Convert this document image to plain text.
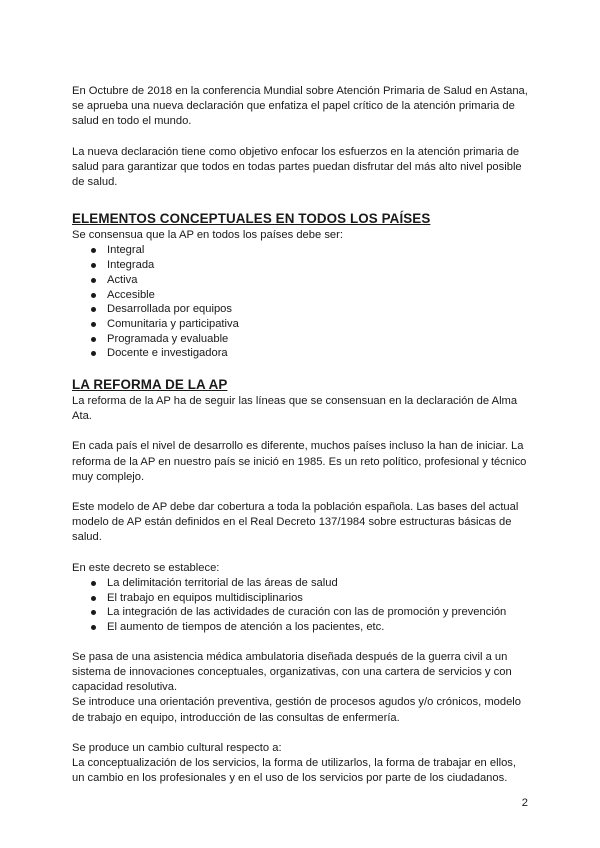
En Octubre de 2018 en la conferencia Mundial sobre Atención Primaria de Salud en Astana, se aprueba una nueva declaración que enfatiza el papel crítico de la atención primaria de salud en todo el mundo.

La nueva declaración tiene como objetivo enfocar los esfuerzos en la atención primaria de salud para garantizar que todos en todas partes puedan disfrutar del más alto nivel posible de salud.

ELEMENTOS CONCEPTUALES EN TODOS LOS PAÍSES

Se consensua que la AP en todos los países debe ser:

Integral
Integrada
Activa
Accesible
Desarrollada por equipos
Comunitaria y participativa
Programada y evaluable
Docente e investigadora
LA REFORMA DE LA AP

La reforma de la AP ha de seguir las líneas que se consensuan en la declaración de Alma Ata.

En cada país el nivel de desarrollo es diferente, muchos países incluso la han de iniciar. La reforma de la AP en nuestro país se inició en 1985. Es un reto político, profesional y técnico muy complejo.

Este modelo de AP debe dar cobertura a toda la población española. Las bases del actual modelo de AP están definidos en el Real Decreto 137/1984 sobre estructuras básicas de salud.

En este decreto se establece:

La delimitación territorial de las áreas de salud
El trabajo en equipos multidisciplinarios
La integración de las actividades de curación con las de promoción y prevención
El aumento de tiempos de atención a los pacientes, etc.

Se pasa de una asistencia médica ambulatoria diseñada después de la guerra civil a un sistema de innovaciones conceptuales, organizativas, con una cartera de servicios y con capacidad resolutiva.

Se introduce una orientación preventiva, gestión de procesos agudos y/o crónicos, modelo de trabajo en equipo, introducción de las consultas de enfermería.

Se produce un cambio cultural respecto a:

La conceptualización de los servicios, la forma de utilizarlos, la forma de trabajar en ellos, un cambio en los profesionales y en el uso de los servicios por parte de los ciudadanos.

2
